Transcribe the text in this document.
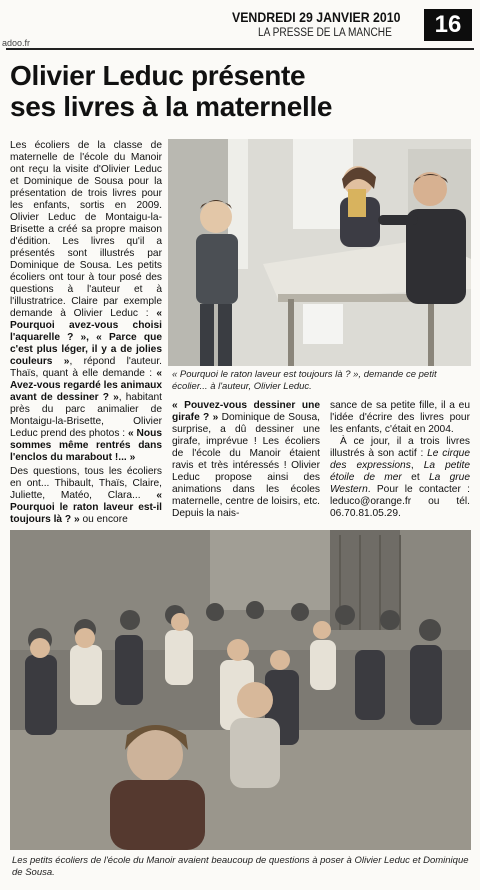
adoo.fr
VENDREDI 29 JANVIER 2010
LA PRESSE DE LA MANCHE	16
Olivier Leduc présente
ses livres à la maternelle

Les écoliers de la classe de maternelle de l'école du Manoir ont reçu la visite d'Olivier Leduc et Dominique de Sousa pour la présentation de trois livres pour les enfants, sortis en 2009. Olivier Leduc de Montaigu-la-Brisette a créé sa propre maison d'édition. Les livres qu'il a présentés sont illustrés par Dominique de Sousa. Les petits écoliers ont tour à tour posé des questions à l'auteur et à l'illustratrice. Claire par exemple demande à Olivier Leduc : « Pourquoi avez-vous choisi l'aquarelle ? », « Parce que c'est plus léger, il y a de jolies couleurs », répond l'auteur. Thaïs, quant à elle demande : « Avez-vous regardé les animaux avant de dessiner ? », habitant près du parc animalier de Montaigu-la-Brisette, Olivier Leduc prend des photos : « Nous sommes même rentrés dans l'enclos du marabout !... »

Des questions, tous les écoliers en ont... Thibault, Thaïs, Claire, Juliette, Matéo, Clara... « Pourquoi le raton laveur est-il toujours là ? » ou encore

« Pourquoi le raton laveur est toujours là ? », demande ce petit écolier... à l'auteur, Olivier Leduc.

« Pouvez-vous dessiner une girafe ? » Dominique de Sousa, surprise, a dû dessiner une girafe, imprévue ! Les écoliers de l'école du Manoir étaient ravis et très intéressés ! Olivier Leduc propose ainsi des animations dans les écoles maternelle, centre de loisirs, etc. Depuis la nais-

sance de sa petite fille, il a eu l'idée d'écrire des livres pour les enfants, c'était en 2004.

À ce jour, il a trois livres illustrés à son actif : Le cirque des expressions, La petite étoile de mer et La grue Western. Pour le contacter : leduco@orange.fr ou tél. 06.70.81.05.29.

Les petits écoliers de l'école du Manoir avaient beaucoup de questions à poser à Olivier Leduc et Dominique de Sousa.
